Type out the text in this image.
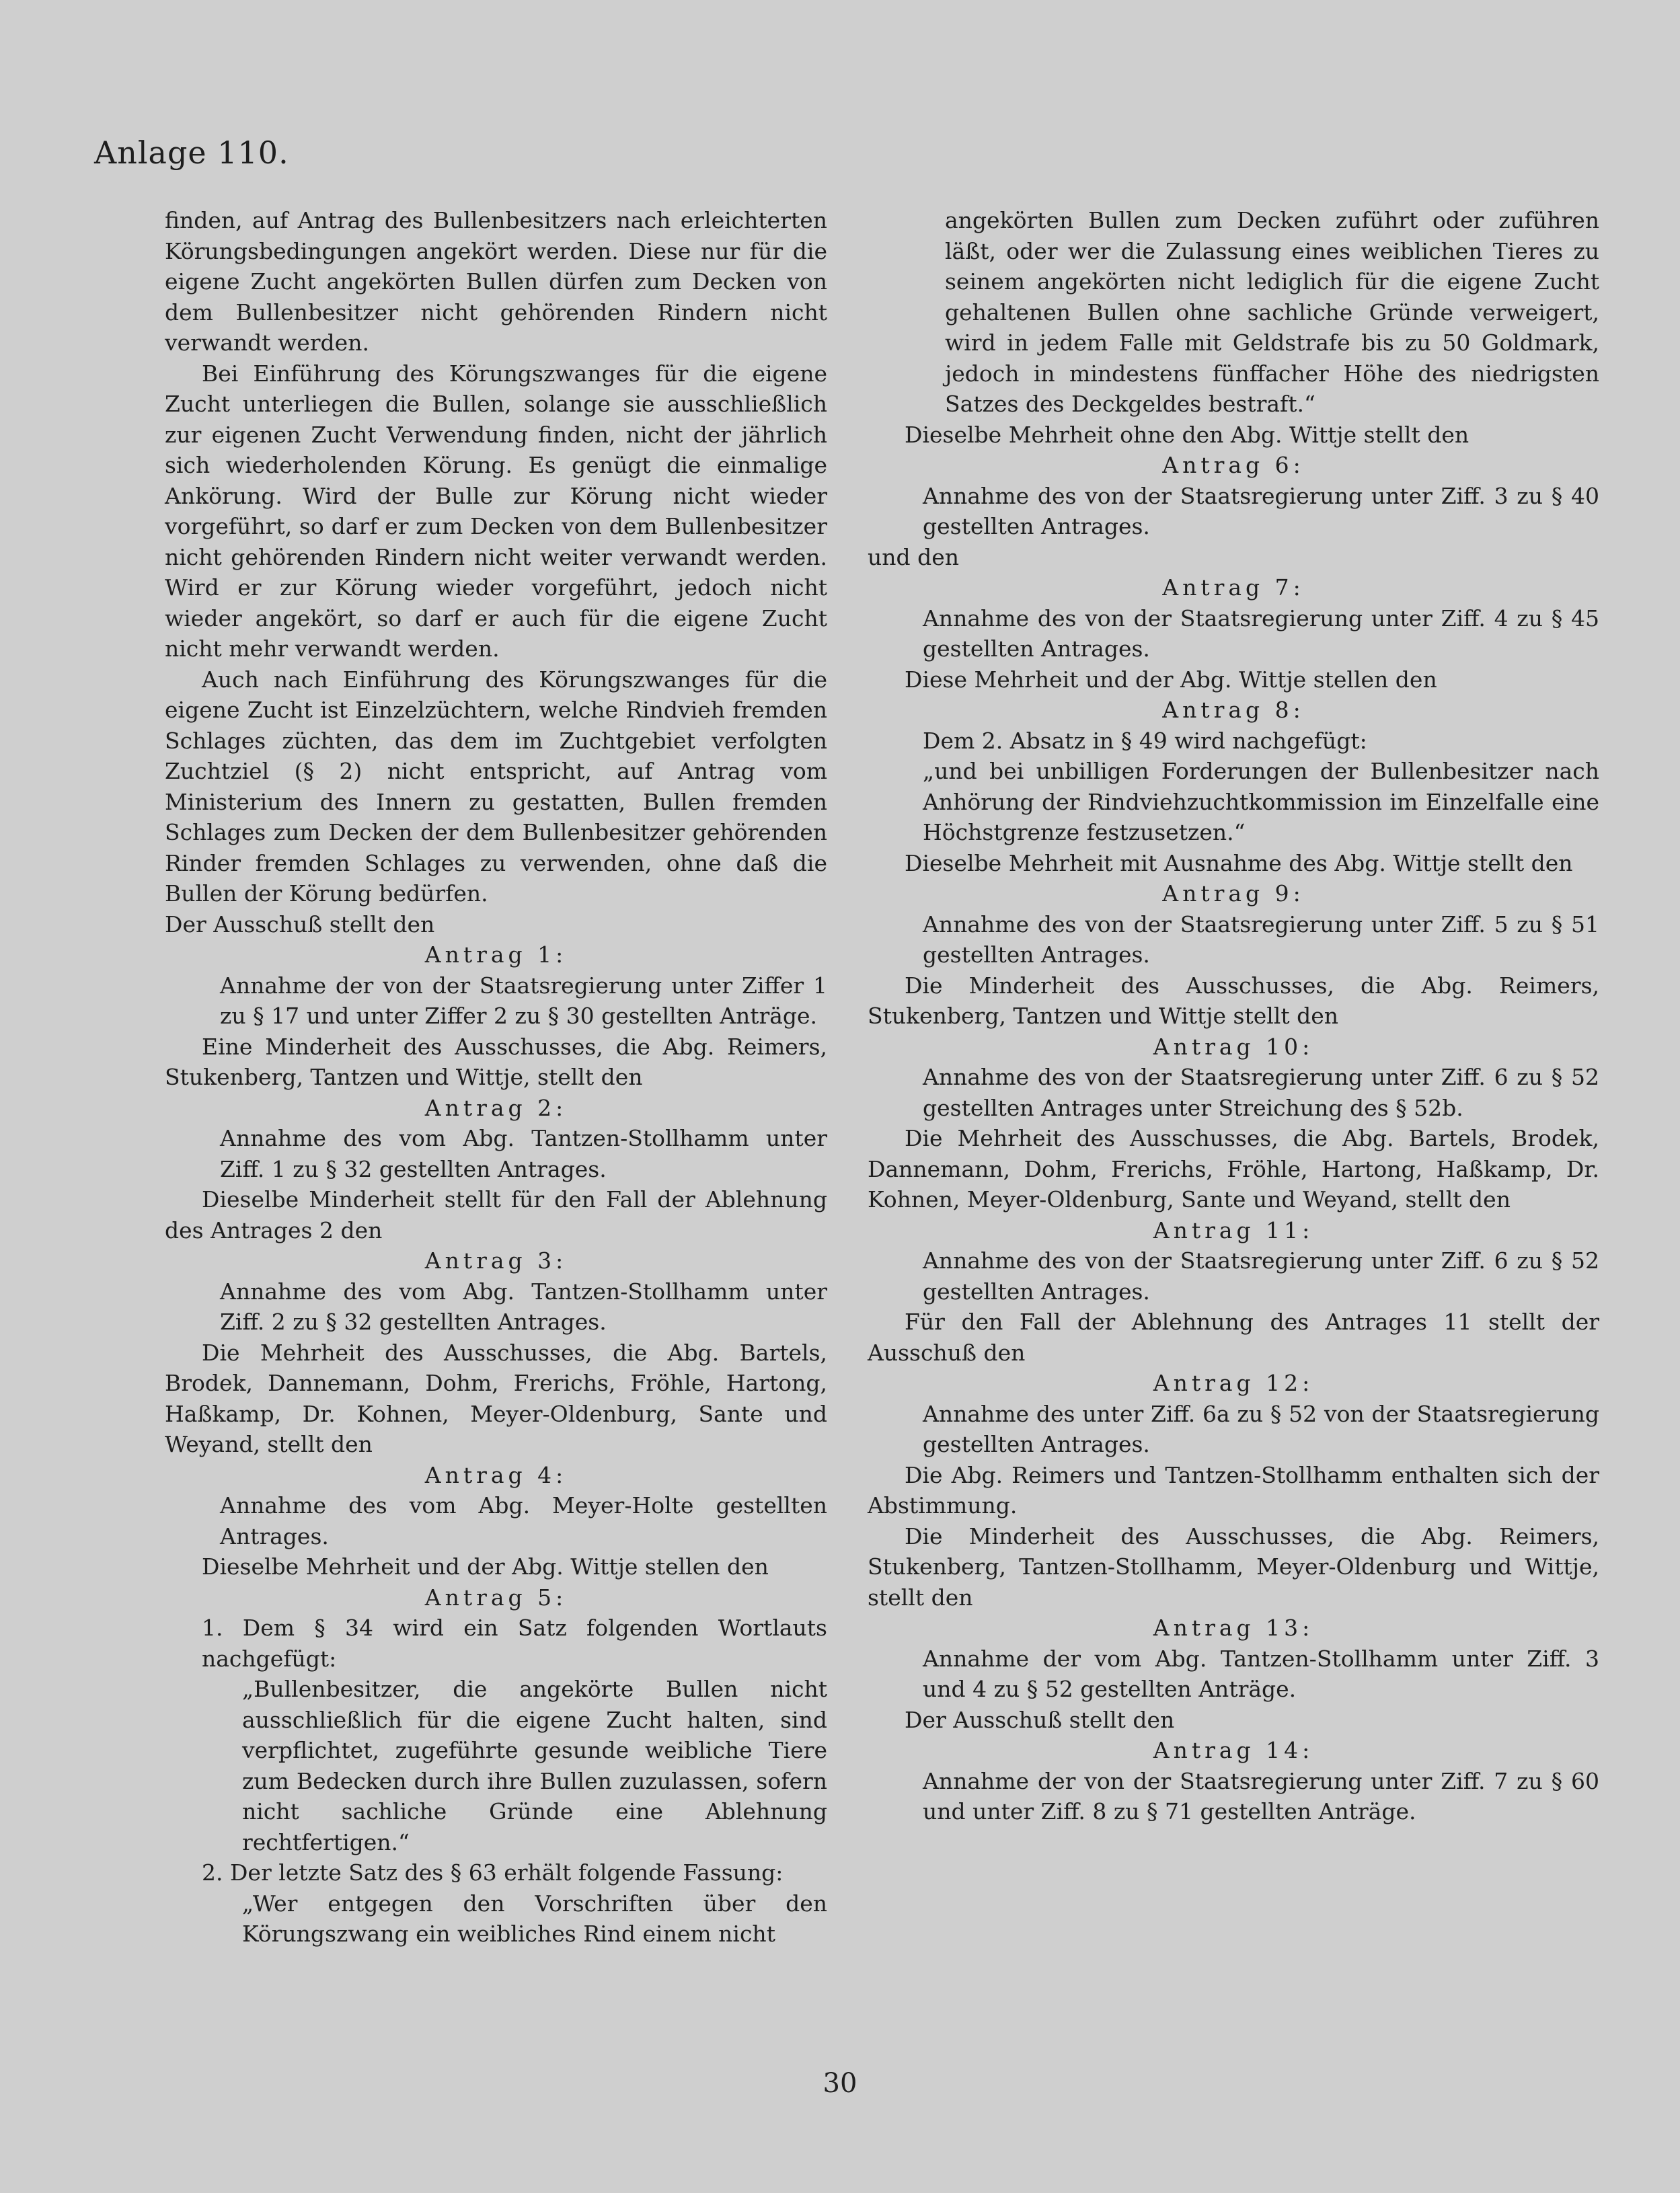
Anlage 110.

finden, auf Antrag des Bullenbesitzers nach erleichterten Körungsbedingungen angekört werden. Diese nur für die eigene Zucht angekörten Bullen dürfen zum Decken von dem Bullenbesitzer nicht gehörenden Rindern nicht verwandt werden.

Bei Einführung des Körungszwanges für die eigene Zucht unterliegen die Bullen, solange sie ausschließlich zur eigenen Zucht Verwendung finden, nicht der jährlich sich wiederholenden Körung. Es genügt die einmalige Ankörung. Wird der Bulle zur Körung nicht wieder vorgeführt, so darf er zum Decken von dem Bullenbesitzer nicht gehörenden Rindern nicht weiter verwandt werden. Wird er zur Körung wieder vorgeführt, jedoch nicht wieder angekört, so darf er auch für die eigene Zucht nicht mehr verwandt werden.

Auch nach Einführung des Körungszwanges für die eigene Zucht ist Einzelzüchtern, welche Rindvieh fremden Schlages züchten, das dem im Zuchtgebiet verfolgten Zuchtziel (§ 2) nicht entspricht, auf Antrag vom Ministerium des Innern zu gestatten, Bullen fremden Schlages zum Decken der dem Bullenbesitzer gehörenden Rinder fremden Schlages zu verwenden, ohne daß die Bullen der Körung bedürfen.

Der Ausschuß stellt den

Antrag 1:

Annahme der von der Staatsregierung unter Ziffer 1 zu § 17 und unter Ziffer 2 zu § 30 gestellten Anträge.

Eine Minderheit des Ausschusses, die Abg. Reimers, Stukenberg, Tantzen und Wittje, stellt den

Antrag 2:

Annahme des vom Abg. Tantzen-Stollhamm unter Ziff. 1 zu § 32 gestellten Antrages.

Dieselbe Minderheit stellt für den Fall der Ablehnung des Antrages 2 den

Antrag 3:

Annahme des vom Abg. Tantzen-Stollhamm unter Ziff. 2 zu § 32 gestellten Antrages.

Die Mehrheit des Ausschusses, die Abg. Bartels, Brodek, Dannemann, Dohm, Frerichs, Fröhle, Hartong, Haßkamp, Dr. Kohnen, Meyer-Oldenburg, Sante und Weyand, stellt den

Antrag 4:

Annahme des vom Abg. Meyer-Holte gestellten Antrages.

Dieselbe Mehrheit und der Abg. Wittje stellen den

Antrag 5:

1. Dem § 34 wird ein Satz folgenden Wortlauts nachgefügt:

„Bullenbesitzer, die angekörte Bullen nicht ausschließlich für die eigene Zucht halten, sind verpflichtet, zugeführte gesunde weibliche Tiere zum Bedecken durch ihre Bullen zuzulassen, sofern nicht sachliche Gründe eine Ablehnung rechtfertigen.“

2. Der letzte Satz des § 63 erhält folgende Fassung:

„Wer entgegen den Vorschriften über den Körungszwang ein weibliches Rind einem nicht

angekörten Bullen zum Decken zuführt oder zuführen läßt, oder wer die Zulassung eines weiblichen Tieres zu seinem angekörten nicht lediglich für die eigene Zucht gehaltenen Bullen ohne sachliche Gründe verweigert, wird in jedem Falle mit Geldstrafe bis zu 50 Goldmark, jedoch in mindestens fünffacher Höhe des niedrigsten Satzes des Deckgeldes bestraft.“

Dieselbe Mehrheit ohne den Abg. Wittje stellt den

Antrag 6:

Annahme des von der Staatsregierung unter Ziff. 3 zu § 40 gestellten Antrages.

und den

Antrag 7:

Annahme des von der Staatsregierung unter Ziff. 4 zu § 45 gestellten Antrages.

Diese Mehrheit und der Abg. Wittje stellen den

Antrag 8:

Dem 2. Absatz in § 49 wird nachgefügt:

„und bei unbilligen Forderungen der Bullenbesitzer nach Anhörung der Rindviehzuchtkommission im Einzelfalle eine Höchstgrenze festzusetzen.“

Dieselbe Mehrheit mit Ausnahme des Abg. Wittje stellt den

Antrag 9:

Annahme des von der Staatsregierung unter Ziff. 5 zu § 51 gestellten Antrages.

Die Minderheit des Ausschusses, die Abg. Reimers, Stukenberg, Tantzen und Wittje stellt den

Antrag 10:

Annahme des von der Staatsregierung unter Ziff. 6 zu § 52 gestellten Antrages unter Streichung des § 52b.

Die Mehrheit des Ausschusses, die Abg. Bartels, Brodek, Dannemann, Dohm, Frerichs, Fröhle, Hartong, Haßkamp, Dr. Kohnen, Meyer-Oldenburg, Sante und Weyand, stellt den

Antrag 11:

Annahme des von der Staatsregierung unter Ziff. 6 zu § 52 gestellten Antrages.

Für den Fall der Ablehnung des Antrages 11 stellt der Ausschuß den

Antrag 12:

Annahme des unter Ziff. 6a zu § 52 von der Staatsregierung gestellten Antrages.

Die Abg. Reimers und Tantzen-Stollhamm enthalten sich der Abstimmung.

Die Minderheit des Ausschusses, die Abg. Reimers, Stukenberg, Tantzen-Stollhamm, Meyer-Oldenburg und Wittje, stellt den

Antrag 13:

Annahme der vom Abg. Tantzen-Stollhamm unter Ziff. 3 und 4 zu § 52 gestellten Anträge.

Der Ausschuß stellt den

Antrag 14:

Annahme der von der Staatsregierung unter Ziff. 7 zu § 60 und unter Ziff. 8 zu § 71 gestellten Anträge.

30
